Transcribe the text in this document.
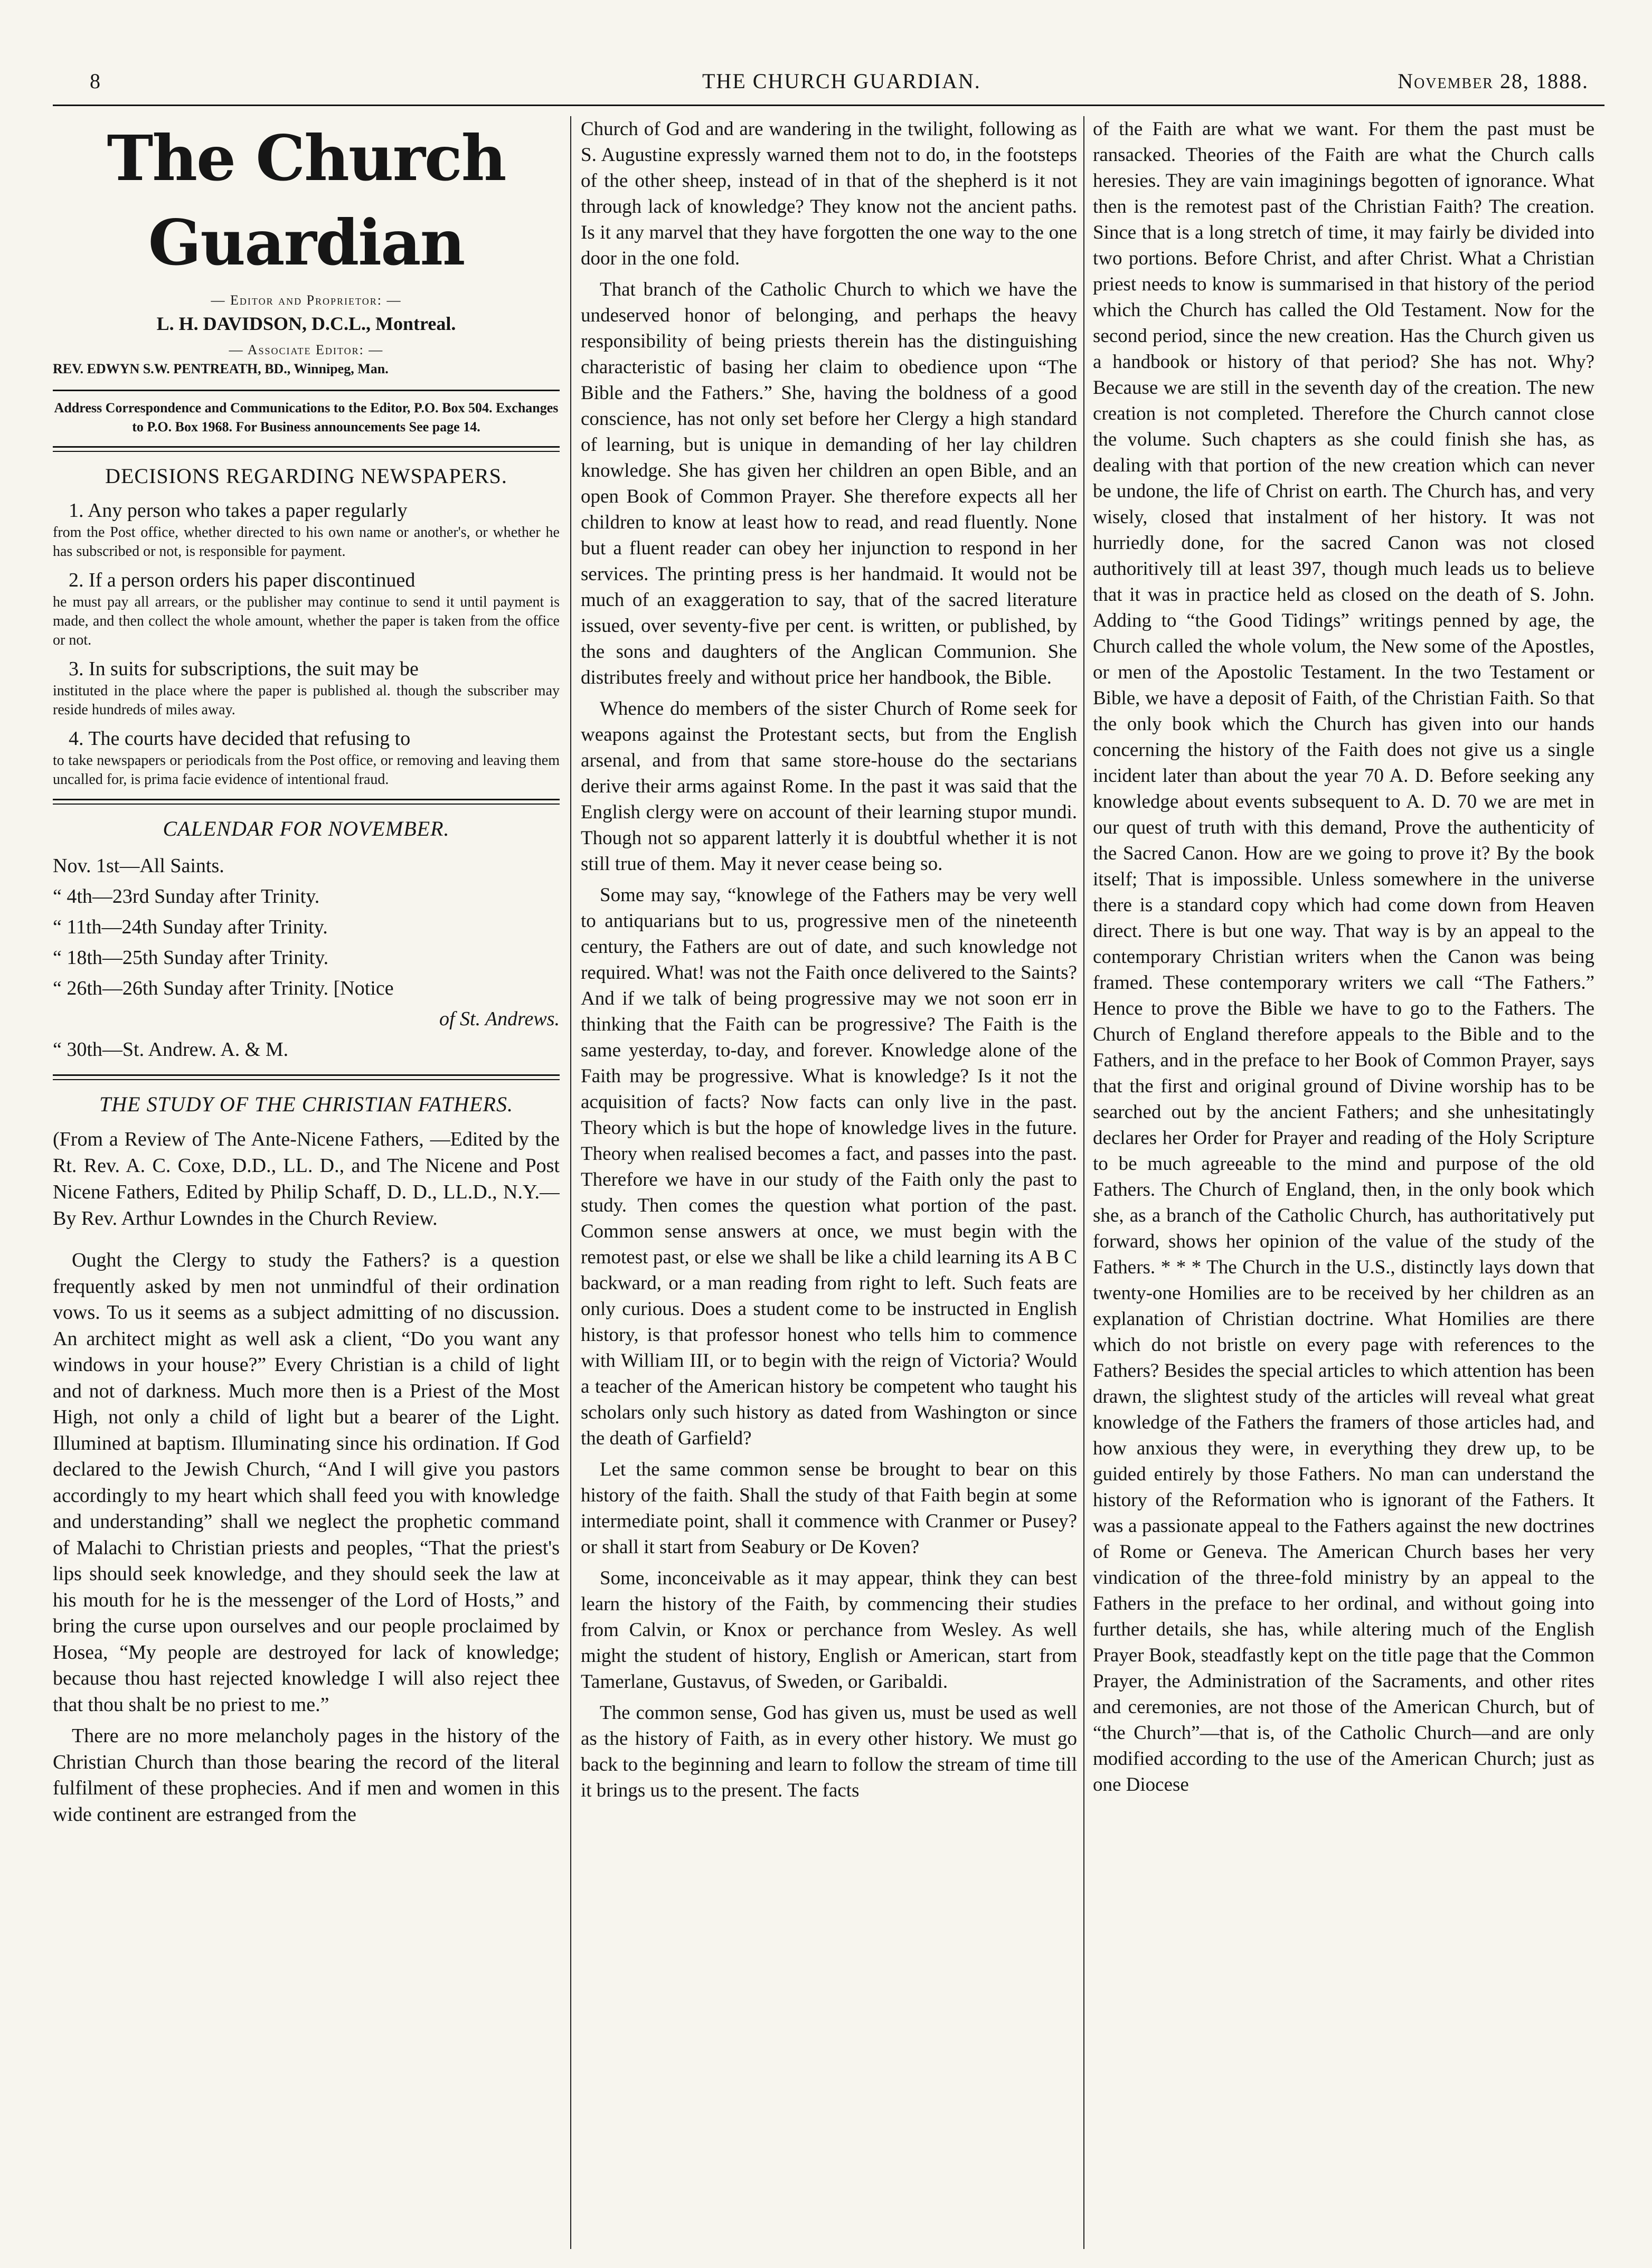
8	THE CHURCH GUARDIAN.	November 28, 1888.
The Church Guardian
— Editor and Proprietor: —
L. H. DAVIDSON, D.C.L., Montreal.
— Associate Editor: —
REV. EDWYN S.W. PENTREATH, BD., Winnipeg, Man.
Address Correspondence and Communications to the Editor, P.O. Box 504. Exchanges to P.O. Box 1968. For Business announcements See page 14.
DECISIONS REGARDING NEWSPAPERS.

1. Any person who takes a paper regularly

from the Post office, whether directed to his own name or another's, or whether he has subscribed or not, is responsible for payment.

2. If a person orders his paper discontinued

he must pay all arrears, or the publisher may continue to send it until payment is made, and then collect the whole amount, whether the paper is taken from the office or not.

3. In suits for subscriptions, the suit may be

instituted in the place where the paper is published al. though the subscriber may reside hundreds of miles away.

4. The courts have decided that refusing to

to take newspapers or periodicals from the Post office, or removing and leaving them uncalled for, is prima facie evidence of intentional fraud.

CALENDAR FOR NOVEMBER.
Nov. 1st—All Saints.
“ 4th—23rd Sunday after Trinity.
“ 11th—24th Sunday after Trinity.
“ 18th—25th Sunday after Trinity.
“ 26th—26th Sunday after Trinity. [Notice
of St. Andrews.
“ 30th—St. Andrew. A. & M.
THE STUDY OF THE CHRISTIAN FATHERS.

(From a Review of The Ante-Nicene Fathers, —Edited by the Rt. Rev. A. C. Coxe, D.D., LL. D., and The Nicene and Post Nicene Fathers, Edited by Philip Schaff, D. D., LL.D., N.Y.—By Rev. Arthur Lowndes in the Church Review.

Ought the Clergy to study the Fathers? is a question frequently asked by men not unmindful of their ordination vows. To us it seems as a subject admitting of no discussion. An architect might as well ask a client, “Do you want any windows in your house?” Every Christian is a child of light and not of darkness. Much more then is a Priest of the Most High, not only a child of light but a bearer of the Light. Illumined at baptism. Illuminating since his ordination. If God declared to the Jewish Church, “And I will give you pastors accordingly to my heart which shall feed you with knowledge and understanding” shall we neglect the prophetic command of Malachi to Christian priests and peoples, “That the priest's lips should seek knowledge, and they should seek the law at his mouth for he is the messenger of the Lord of Hosts,” and bring the curse upon ourselves and our people proclaimed by Hosea, “My people are destroyed for lack of knowledge; because thou hast rejected knowledge I will also reject thee that thou shalt be no priest to me.”

There are no more melancholy pages in the history of the Christian Church than those bearing the record of the literal fulfilment of these prophecies. And if men and women in this wide continent are estranged from the

Church of God and are wandering in the twilight, following as S. Augustine expressly warned them not to do, in the footsteps of the other sheep, instead of in that of the shepherd is it not through lack of knowledge? They know not the ancient paths. Is it any marvel that they have forgotten the one way to the one door in the one fold.

That branch of the Catholic Church to which we have the undeserved honor of belonging, and perhaps the heavy responsibility of being priests therein has the distinguishing characteristic of basing her claim to obedience upon “The Bible and the Fathers.” She, having the boldness of a good conscience, has not only set before her Clergy a high standard of learning, but is unique in demanding of her lay children knowledge. She has given her children an open Bible, and an open Book of Common Prayer. She therefore expects all her children to know at least how to read, and read fluently. None but a fluent reader can obey her injunction to respond in her services. The printing press is her handmaid. It would not be much of an exaggeration to say, that of the sacred literature issued, over seventy-five per cent. is written, or published, by the sons and daughters of the Anglican Communion. She distributes freely and without price her handbook, the Bible.

Whence do members of the sister Church of Rome seek for weapons against the Protestant sects, but from the English arsenal, and from that same store-house do the sectarians derive their arms against Rome. In the past it was said that the English clergy were on account of their learning stupor mundi. Though not so apparent latterly it is doubtful whether it is not still true of them. May it never cease being so.

Some may say, “knowlege of the Fathers may be very well to antiquarians but to us, progressive men of the nineteenth century, the Fathers are out of date, and such knowledge not required. What! was not the Faith once delivered to the Saints? And if we talk of being progressive may we not soon err in thinking that the Faith can be progressive? The Faith is the same yesterday, to-day, and forever. Knowledge alone of the Faith may be progressive. What is knowledge? Is it not the acquisition of facts? Now facts can only live in the past. Theory which is but the hope of knowledge lives in the future. Theory when realised becomes a fact, and passes into the past. Therefore we have in our study of the Faith only the past to study. Then comes the question what portion of the past. Common sense answers at once, we must begin with the remotest past, or else we shall be like a child learning its A B C backward, or a man reading from right to left. Such feats are only curious. Does a student come to be instructed in English history, is that professor honest who tells him to commence with William III, or to begin with the reign of Victoria? Would a teacher of the American history be competent who taught his scholars only such history as dated from Washington or since the death of Garfield?

Let the same common sense be brought to bear on this history of the faith. Shall the study of that Faith begin at some intermediate point, shall it commence with Cranmer or Pusey? or shall it start from Seabury or De Koven?

Some, inconceivable as it may appear, think they can best learn the history of the Faith, by commencing their studies from Calvin, or Knox or perchance from Wesley. As well might the student of history, English or American, start from Tamerlane, Gustavus, of Sweden, or Garibaldi.

The common sense, God has given us, must be used as well as the history of Faith, as in every other history. We must go back to the beginning and learn to follow the stream of time till it brings us to the present. The facts

of the Faith are what we want. For them the past must be ransacked. Theories of the Faith are what the Church calls heresies. They are vain imaginings begotten of ignorance. What then is the remotest past of the Christian Faith? The creation. Since that is a long stretch of time, it may fairly be divided into two portions. Before Christ, and after Christ. What a Christian priest needs to know is summarised in that history of the period which the Church has called the Old Testament. Now for the second period, since the new creation. Has the Church given us a handbook or history of that period? She has not. Why? Because we are still in the seventh day of the creation. The new creation is not completed. Therefore the Church cannot close the volume. Such chapters as she could finish she has, as dealing with that portion of the new creation which can never be undone, the life of Christ on earth. The Church has, and very wisely, closed that instalment of her history. It was not hurriedly done, for the sacred Canon was not closed authoritively till at least 397, though much leads us to believe that it was in practice held as closed on the death of S. John. Adding to “the Good Tidings” writings penned by age, the Church called the whole volum, the New some of the Apostles, or men of the Apostolic Testament. In the two Testament or Bible, we have a deposit of Faith, of the Christian Faith. So that the only book which the Church has given into our hands concerning the history of the Faith does not give us a single incident later than about the year 70 A. D. Before seeking any knowledge about events subsequent to A. D. 70 we are met in our quest of truth with this demand, Prove the authenticity of the Sacred Canon. How are we going to prove it? By the book itself; That is impossible. Unless somewhere in the universe there is a standard copy which had come down from Heaven direct. There is but one way. That way is by an appeal to the contemporary Christian writers when the Canon was being framed. These contemporary writers we call “The Fathers.” Hence to prove the Bible we have to go to the Fathers. The Church of England therefore appeals to the Bible and to the Fathers, and in the preface to her Book of Common Prayer, says that the first and original ground of Divine worship has to be searched out by the ancient Fathers; and she unhesitatingly declares her Order for Prayer and reading of the Holy Scripture to be much agreeable to the mind and purpose of the old Fathers. The Church of England, then, in the only book which she, as a branch of the Catholic Church, has authoritatively put forward, shows her opinion of the value of the study of the Fathers. * * * The Church in the U.S., distinctly lays down that twenty-one Homilies are to be received by her children as an explanation of Christian doctrine. What Homilies are there which do not bristle on every page with references to the Fathers? Besides the special articles to which attention has been drawn, the slightest study of the articles will reveal what great knowledge of the Fathers the framers of those articles had, and how anxious they were, in everything they drew up, to be guided entirely by those Fathers. No man can understand the history of the Reformation who is ignorant of the Fathers. It was a passionate appeal to the Fathers against the new doctrines of Rome or Geneva. The American Church bases her very vindication of the three-fold ministry by an appeal to the Fathers in the preface to her ordinal, and without going into further details, she has, while altering much of the English Prayer Book, steadfastly kept on the title page that the Common Prayer, the Administration of the Sacraments, and other rites and ceremonies, are not those of the American Church, but of “the Church”—that is, of the Catholic Church—and are only modified according to the use of the American Church; just as one Diocese
